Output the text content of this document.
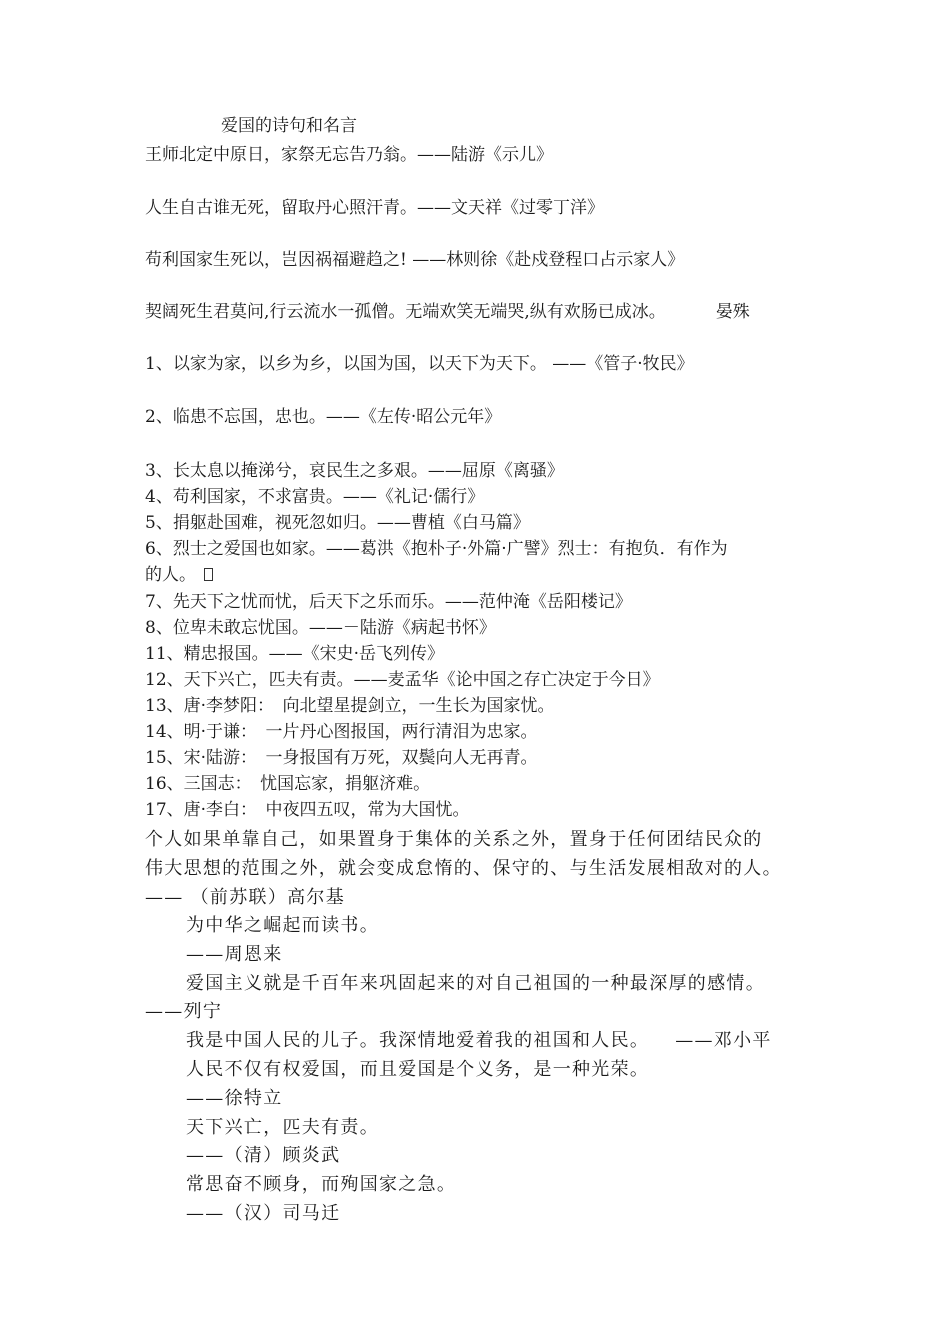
爱国的诗句和名言

王师北定中原日，家祭无忘告乃翁。——陆游《示儿》

人生自古谁无死，留取丹心照汗青。——文天祥《过零丁洋》

苟利国家生死以，岂因祸福避趋之! ——林则徐《赴戍登程口占示家人》

契阔死生君莫问,行云流水一孤僧。无端欢笑无端哭,纵有欢肠已成冰。	晏殊

1、以家为家，以乡为乡，以国为国，以天下为天下。 ——《管子·牧民》

2、临患不忘国，忠也。——《左传·昭公元年》

3、长太息以掩涕兮，哀民生之多艰。——屈原《离骚》

4、苟利国家，不求富贵。——《礼记·儒行》

5、捐躯赴国难，视死忽如归。——曹植《白马篇》

6、烈士之爱国也如家。——葛洪《抱朴子·外篇·广譬》烈士：有抱负．有作为

的人。

7、先天下之忧而忧，后天下之乐而乐。——范仲淹《岳阳楼记》

8、位卑未敢忘忧国。——－陆游《病起书怀》

11、精忠报国。——《宋史·岳飞列传》

12、天下兴亡，匹夫有责。——麦孟华《论中国之存亡决定于今日》

13、唐·李梦阳：　向北望星提剑立，一生长为国家忧。

14、明·于谦：　一片丹心图报国，两行清泪为忠家。

15、宋·陆游：　一身报国有万死，双鬓向人无再青。

16、三国志：　忧国忘家，捐躯济难。

17、唐·李白：　中夜四五叹，常为大国忧。

个人如果单靠自己，如果置身于集体的关系之外，置身于任何团结民众的

伟大思想的范围之外，就会变成怠惰的、保守的、与生活发展相敌对的人。

—— （前苏联）高尔基

为中华之崛起而读书。

——周恩来

爱国主义就是千百年来巩固起来的对自己祖国的一种最深厚的感情。

——列宁

我是中国人民的儿子。我深情地爱着我的祖国和人民。 ——邓小平

人民不仅有权爱国，而且爱国是个义务，是一种光荣。

——徐特立

天下兴亡，匹夫有责。

——（清）顾炎武

常思奋不顾身，而殉国家之急。

——（汉）司马迁
